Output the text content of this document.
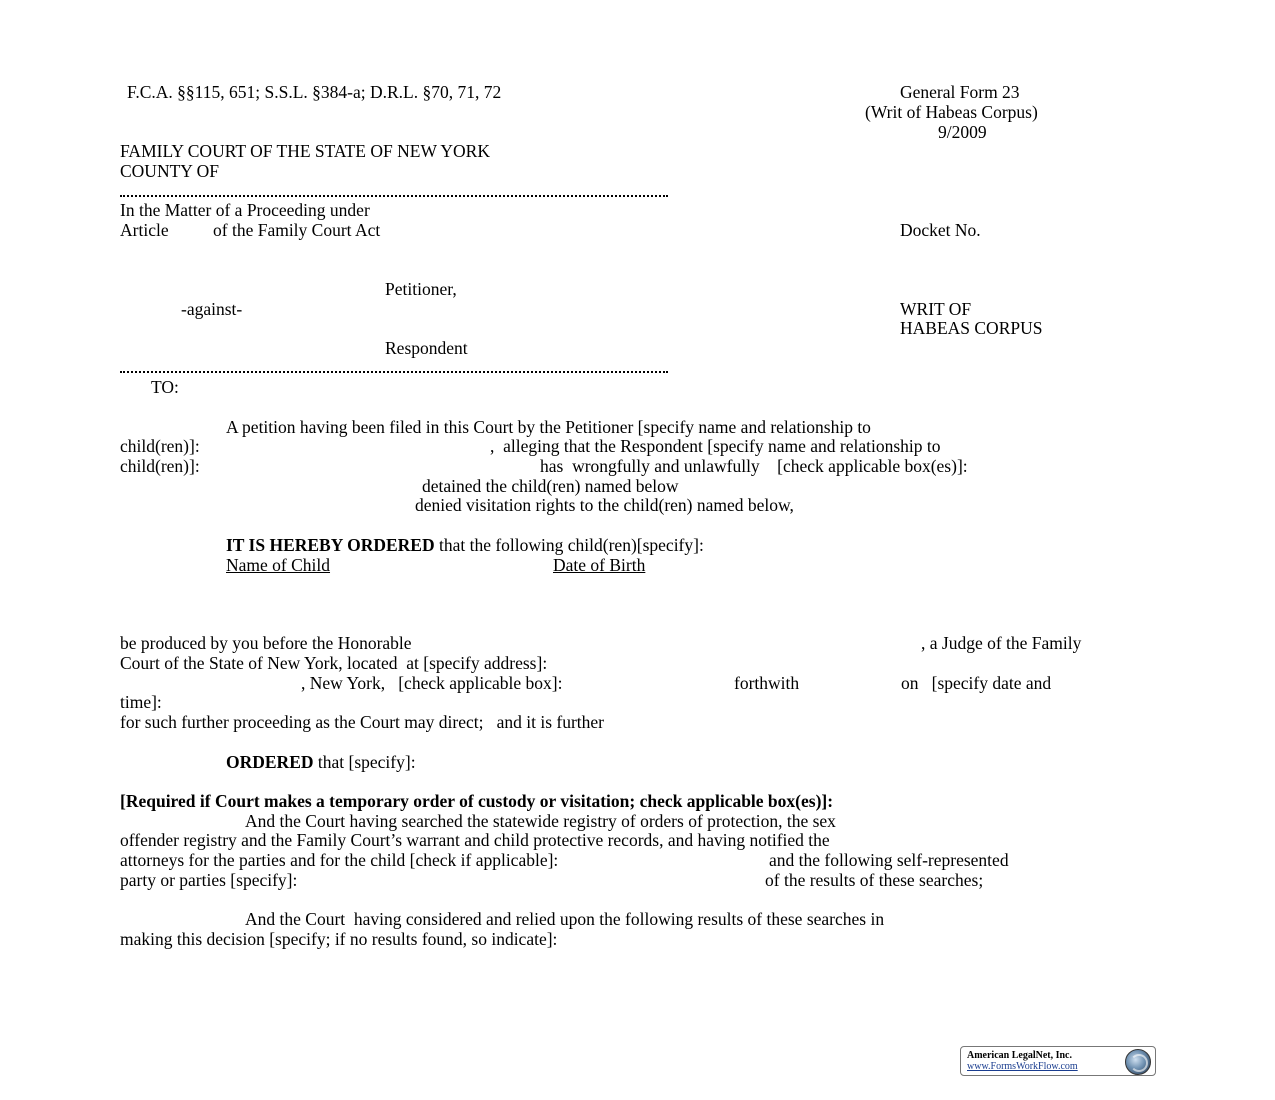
F.C.A. §§115, 651; S.S.L. §384-a; D.R.L. §70, 71, 72	General Form 23
(Writ of Habeas Corpus)
9/2009
FAMILY COURT OF THE STATE OF NEW YORK
COUNTY OF
In the Matter of a Proceeding under
Article	of the Family Court Act	Docket No.
Petitioner,
-against-	WRIT OF
HABEAS CORPUS
Respondent
TO:
A petition having been filed in this Court by the Petitioner [specify name and relationship to
child(ren)]:	,  alleging that the Respondent [specify name and relationship to
child(ren)]:	has  wrongfully and unlawfully    [check applicable box(es)]:
detained the child(ren) named below
denied visitation rights to the child(ren) named below,
IT IS HEREBY ORDERED that the following child(ren)[specify]:
Name of Child	Date of Birth
be produced by you before the Honorable	, a Judge of the Family
Court of the State of New York, located  at [specify address]:
, New York,   [check applicable box]:	forthwith	on   [specify date and
time]:
for such further proceeding as the Court may direct;   and it is further
ORDERED that [specify]:
[Required if Court makes a temporary order of custody or visitation; check applicable box(es)]:
And the Court having searched the statewide registry of orders of protection, the sex
offender registry and the Family Court’s warrant and child protective records, and having notified the
attorneys for the parties and for the child [check if applicable]:	and the following self-represented
party or parties [specify]:	of the results of these searches;
And the Court  having considered and relied upon the following results of these searches in
making this decision [specify; if no results found, so indicate]:
American LegalNet, Inc.
www.FormsWorkFlow.com
